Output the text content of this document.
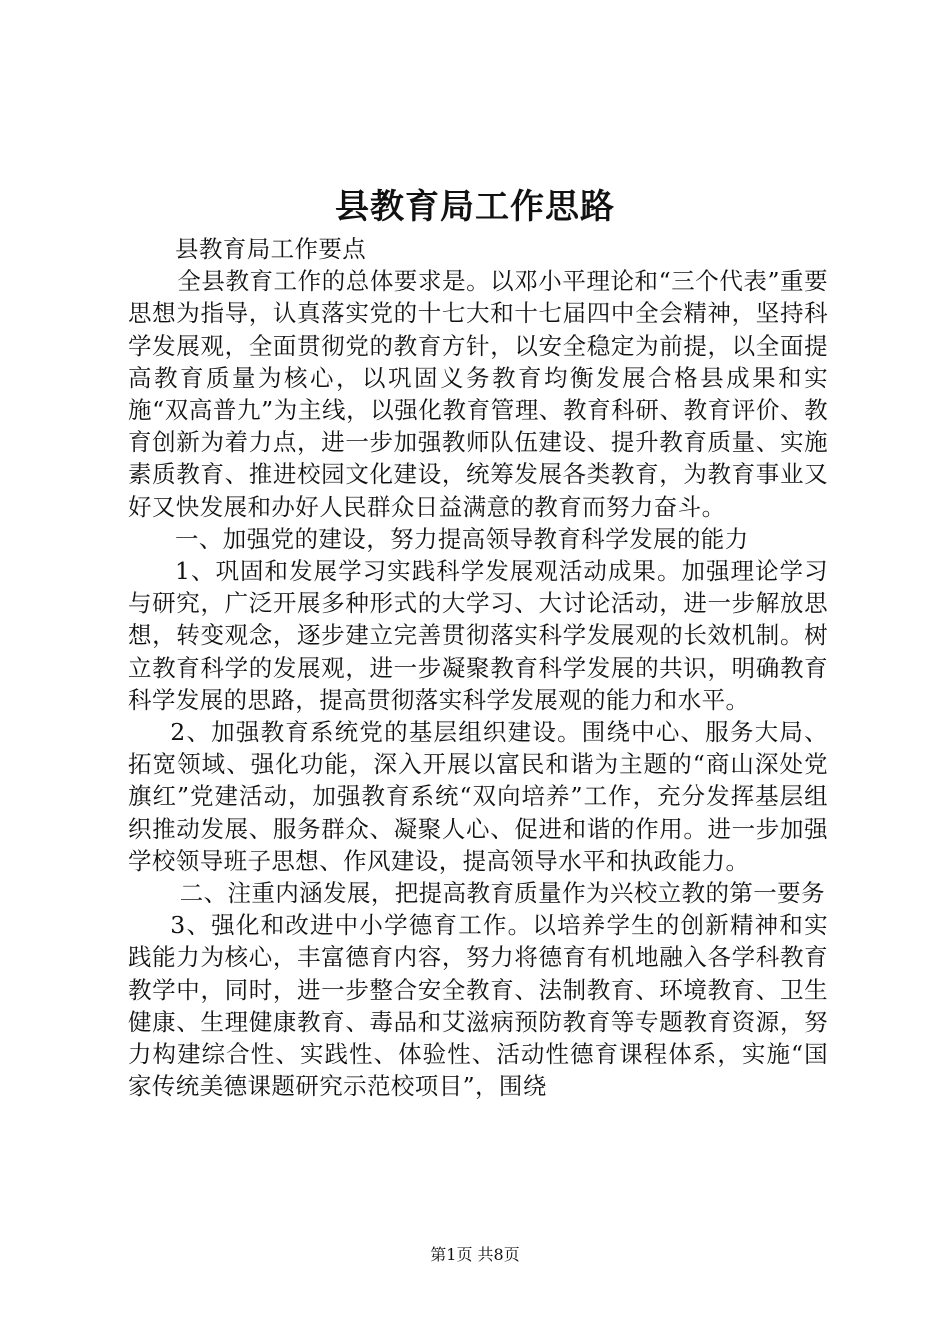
县教育局工作思路

县教育局工作要点

全县教育工作的总体要求是。以邓小平理论和“三个代表”重要思想为指导，认真落实党的十七大和十七届四中全会精神，坚持科学发展观，全面贯彻党的教育方针，以安全稳定为前提，以全面提高教育质量为核心，以巩固义务教育均衡发展合格县成果和实施“双高普九”为主线，以强化教育管理、教育科研、教育评价、教育创新为着力点，进一步加强教师队伍建设、提升教育质量、实施素质教育、推进校园文化建设，统筹发展各类教育，为教育事业又好又快发展和办好人民群众日益满意的教育而努力奋斗。

一、加强党的建设，努力提高领导教育科学发展的能力

1、巩固和发展学习实践科学发展观活动成果。加强理论学习与研究，广泛开展多种形式的大学习、大讨论活动，进一步解放思想，转变观念，逐步建立完善贯彻落实科学发展观的长效机制。树立教育科学的发展观，进一步凝聚教育科学发展的共识，明确教育科学发展的思路，提高贯彻落实科学发展观的能力和水平。

2、加强教育系统党的基层组织建设。围绕中心、服务大局、拓宽领域、强化功能，深入开展以富民和谐为主题的“商山深处党旗红”党建活动，加强教育系统“双向培养”工作，充分发挥基层组织推动发展、服务群众、凝聚人心、促进和谐的作用。进一步加强学校领导班子思想、作风建设，提高领导水平和执政能力。

二、注重内涵发展，把提高教育质量作为兴校立教的第一要务

3、强化和改进中小学德育工作。以培养学生的创新精神和实践能力为核心，丰富德育内容，努力将德育有机地融入各学科教育教学中，同时，进一步整合安全教育、法制教育、环境教育、卫生健康、生理健康教育、毒品和艾滋病预防教育等专题教育资源，努力构建综合性、实践性、体验性、活动性德育课程体系，实施“国家传统美德课题研究示范校项目”，围绕

第1页 共8页
